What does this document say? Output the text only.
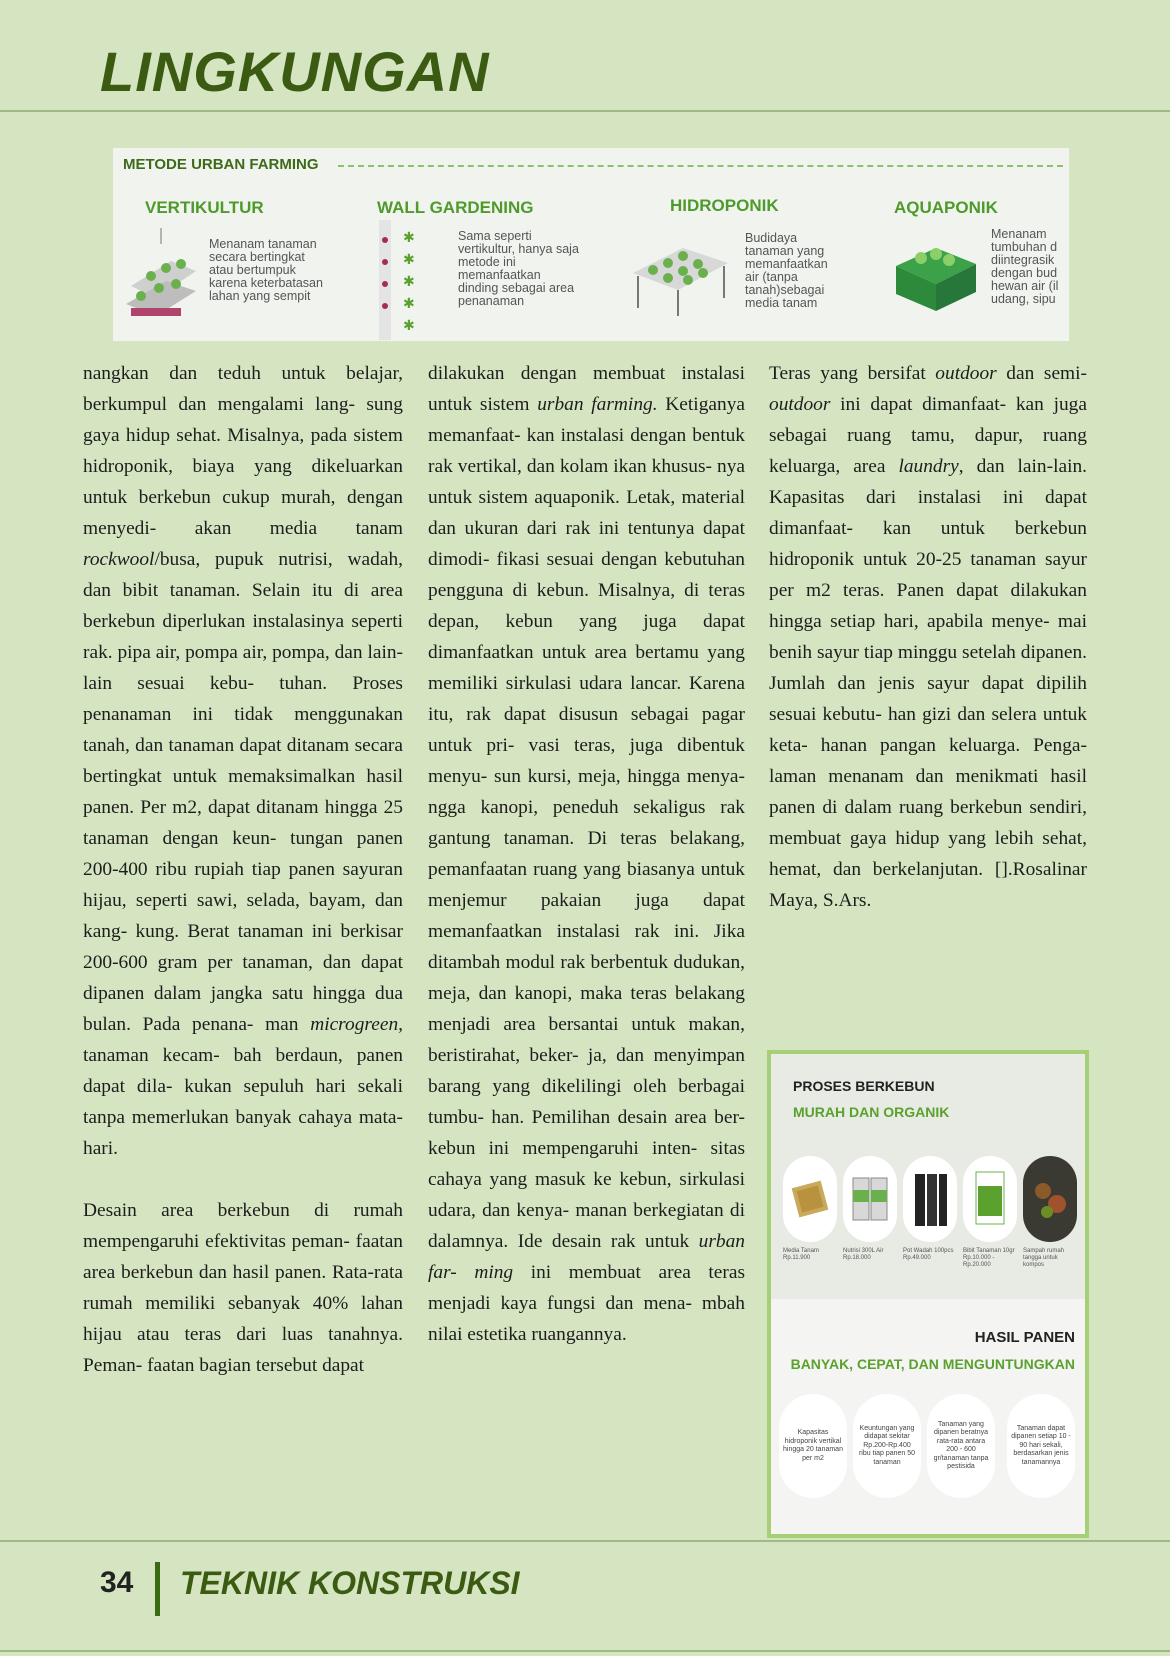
LINGKUNGAN
METODE URBAN FARMING
VERTIKULTUR
Menanam tanaman
secara bertingkat
atau bertumpuk
karena keterbatasan
lahan yang sempit
WALL GARDENING
✱
✱
✱
✱
✱
Sama seperti
vertikultur, hanya saja
metode ini
memanfaatkan
dinding sebagai area
penanaman
HIDROPONIK
Budidaya
tanaman yang
memanfaatkan
air (tanpa
tanah)sebagai
media tanam
AQUAPONIK
Menanam
tumbuhan d
diintegrasik
dengan bud
hewan air (il
udang, sipu

nangkan dan teduh untuk belajar, berkumpul dan mengalami lang- sung gaya hidup sehat. Misalnya, pada sistem hidroponik, biaya yang dikeluarkan untuk berkebun cukup murah, dengan menyedi- akan media tanam rockwool/busa, pupuk nutrisi, wadah, dan bibit tanaman. Selain itu di area berkebun diperlukan instalasinya seperti rak. pipa air, pompa air, pompa, dan lain-lain sesuai kebu- tuhan. Proses penanaman ini tidak menggunakan tanah, dan tanaman dapat ditanam secara bertingkat untuk memaksimalkan hasil panen. Per m2, dapat ditanam hingga 25 tanaman dengan keun- tungan panen 200-400 ribu rupiah tiap panen sayuran hijau, seperti sawi, selada, bayam, dan kang- kung. Berat tanaman ini berkisar 200-600 gram per tanaman, dan dapat dipanen dalam jangka satu hingga dua bulan. Pada penana- man microgreen, tanaman kecam- bah berdaun, panen dapat dila- kukan sepuluh hari sekali tanpa memerlukan banyak cahaya mata- hari.

Desain area berkebun di rumah mempengaruhi efektivitas peman- faatan area berkebun dan hasil panen. Rata-rata rumah memiliki sebanyak 40% lahan hijau atau teras dari luas tanahnya. Peman- faatan bagian tersebut dapat

dilakukan dengan membuat instalasi untuk sistem urban farming. Ketiganya memanfaat- kan instalasi dengan bentuk rak vertikal, dan kolam ikan khusus- nya untuk sistem aquaponik. Letak, material dan ukuran dari rak ini tentunya dapat dimodi- fikasi sesuai dengan kebutuhan pengguna di kebun. Misalnya, di teras depan, kebun yang juga dapat dimanfaatkan untuk area bertamu yang memiliki sirkulasi udara lancar. Karena itu, rak dapat disusun sebagai pagar untuk pri- vasi teras, juga dibentuk menyu- sun kursi, meja, hingga menya- ngga kanopi, peneduh sekaligus rak gantung tanaman. Di teras belakang, pemanfaatan ruang yang biasanya untuk menjemur pakaian juga dapat memanfaatkan instalasi rak ini. Jika ditambah modul rak berbentuk dudukan, meja, dan kanopi, maka teras belakang menjadi area bersantai untuk makan, beristirahat, beker- ja, dan menyimpan barang yang dikelilingi oleh berbagai tumbu- han. Pemilihan desain area ber- kebun ini mempengaruhi inten- sitas cahaya yang masuk ke kebun, sirkulasi udara, dan kenya- manan berkegiatan di dalamnya. Ide desain rak untuk urban far- ming ini membuat area teras menjadi kaya fungsi dan mena- mbah nilai estetika ruangannya.

Teras yang bersifat outdoor dan semi-outdoor ini dapat dimanfaat- kan juga sebagai ruang tamu, dapur, ruang keluarga, area laundry, dan lain-lain. Kapasitas dari instalasi ini dapat dimanfaat- kan untuk berkebun hidroponik untuk 20-25 tanaman sayur per m2 teras. Panen dapat dilakukan hingga setiap hari, apabila menye- mai benih sayur tiap minggu setelah dipanen. Jumlah dan jenis sayur dapat dipilih sesuai kebutu- han gizi dan selera untuk keta- hanan pangan keluarga. Penga- laman menanam dan menikmati hasil panen di dalam ruang berkebun sendiri, membuat gaya hidup yang lebih sehat, hemat, dan berkelanjutan. [].Rosalinar Maya, S.Ars.

PROSES BERKEBUN
MURAH DAN ORGANIK
Media Tanam Rp.11.900
Nutrisi 300L Air Rp.18.000
Pot Wadah 100pcs Rp.49.000
Bibit Tanaman 10gr Rp.10.000 - Rp.20.000
Sampah rumah tangga untuk kompos
HASIL PANEN
BANYAK, CEPAT, DAN MENGUNTUNGKAN
Kapasitas hidroponik vertikal hingga 20 tanaman per m2
Keuntungan yang didapat sekitar Rp.200-Rp.400 ribu tiap panen 50 tanaman
Tanaman yang dipanen beratnya rata-rata antara 200 - 600 gr/tanaman tanpa pestisida
Tanaman dapat dipanen setiap 10 - 90 hari sekali, berdasarkan jenis tanamannya
34 TEKNIK KONSTRUKSI
